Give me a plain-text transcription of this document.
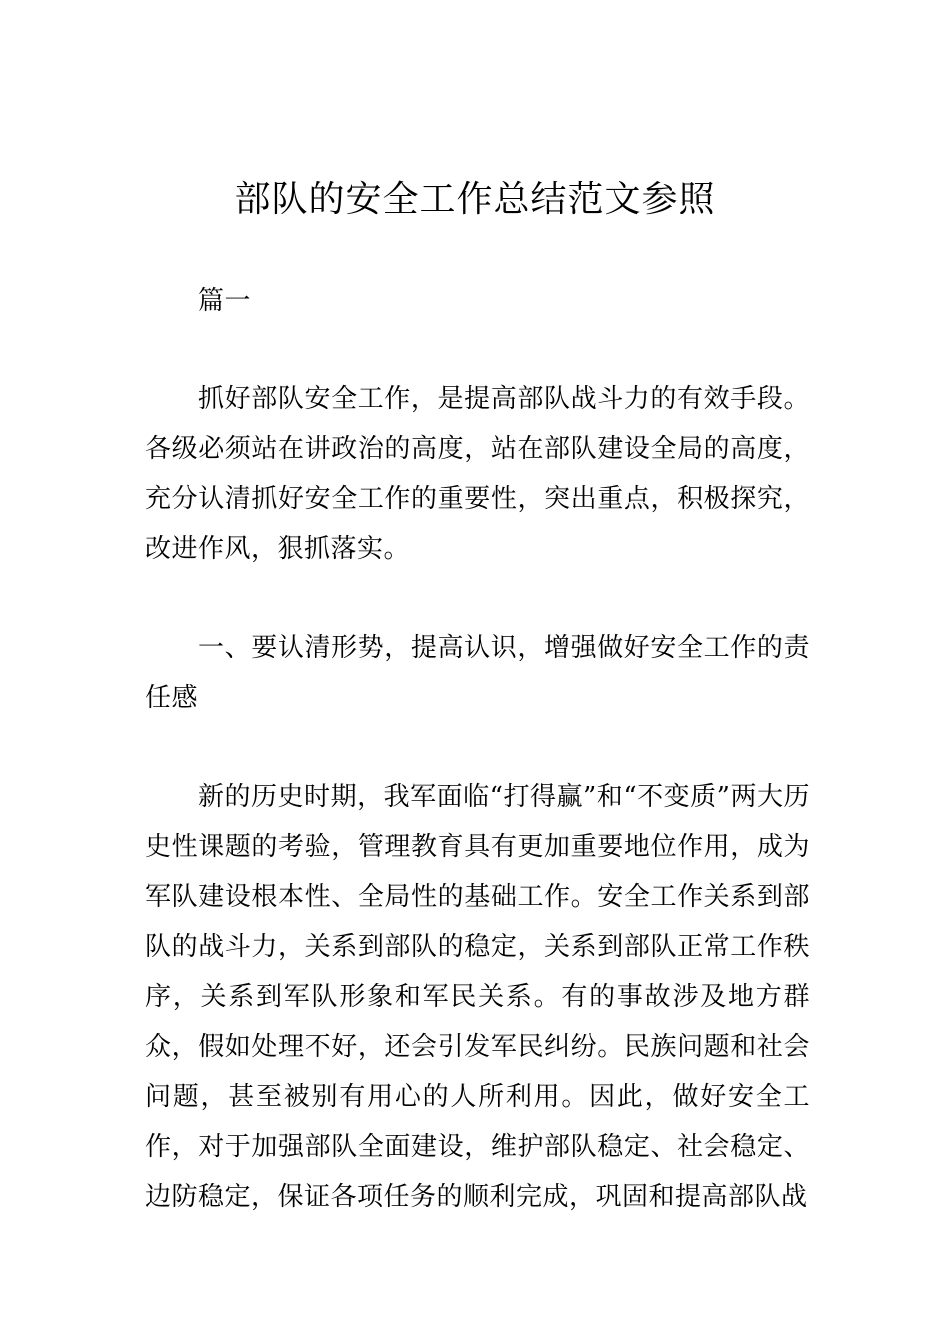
部队的安全工作总结范文参照

篇一

抓好部队安全工作，是提高部队战斗力的有效手段。各级必须站在讲政治的高度，站在部队建设全局的高度，充分认清抓好安全工作的重要性，突出重点，积极探究，改进作风，狠抓落实。

一、要认清形势，提高认识，增强做好安全工作的责任感

新的历史时期，我军面临“打得赢”和“不变质”两大历史性课题的考验，管理教育具有更加重要地位作用，成为军队建设根本性、全局性的基础工作。安全工作关系到部队的战斗力，关系到部队的稳定，关系到部队正常工作秩序，关系到军队形象和军民关系。有的事故涉及地方群众，假如处理不好，还会引发军民纠纷。民族问题和社会问题，甚至被别有用心的人所利用。因此，做好安全工作，对于加强部队全面建设，维护部队稳定、社会稳定、边防稳定，保证各项任务的顺利完成，巩固和提高部队战
